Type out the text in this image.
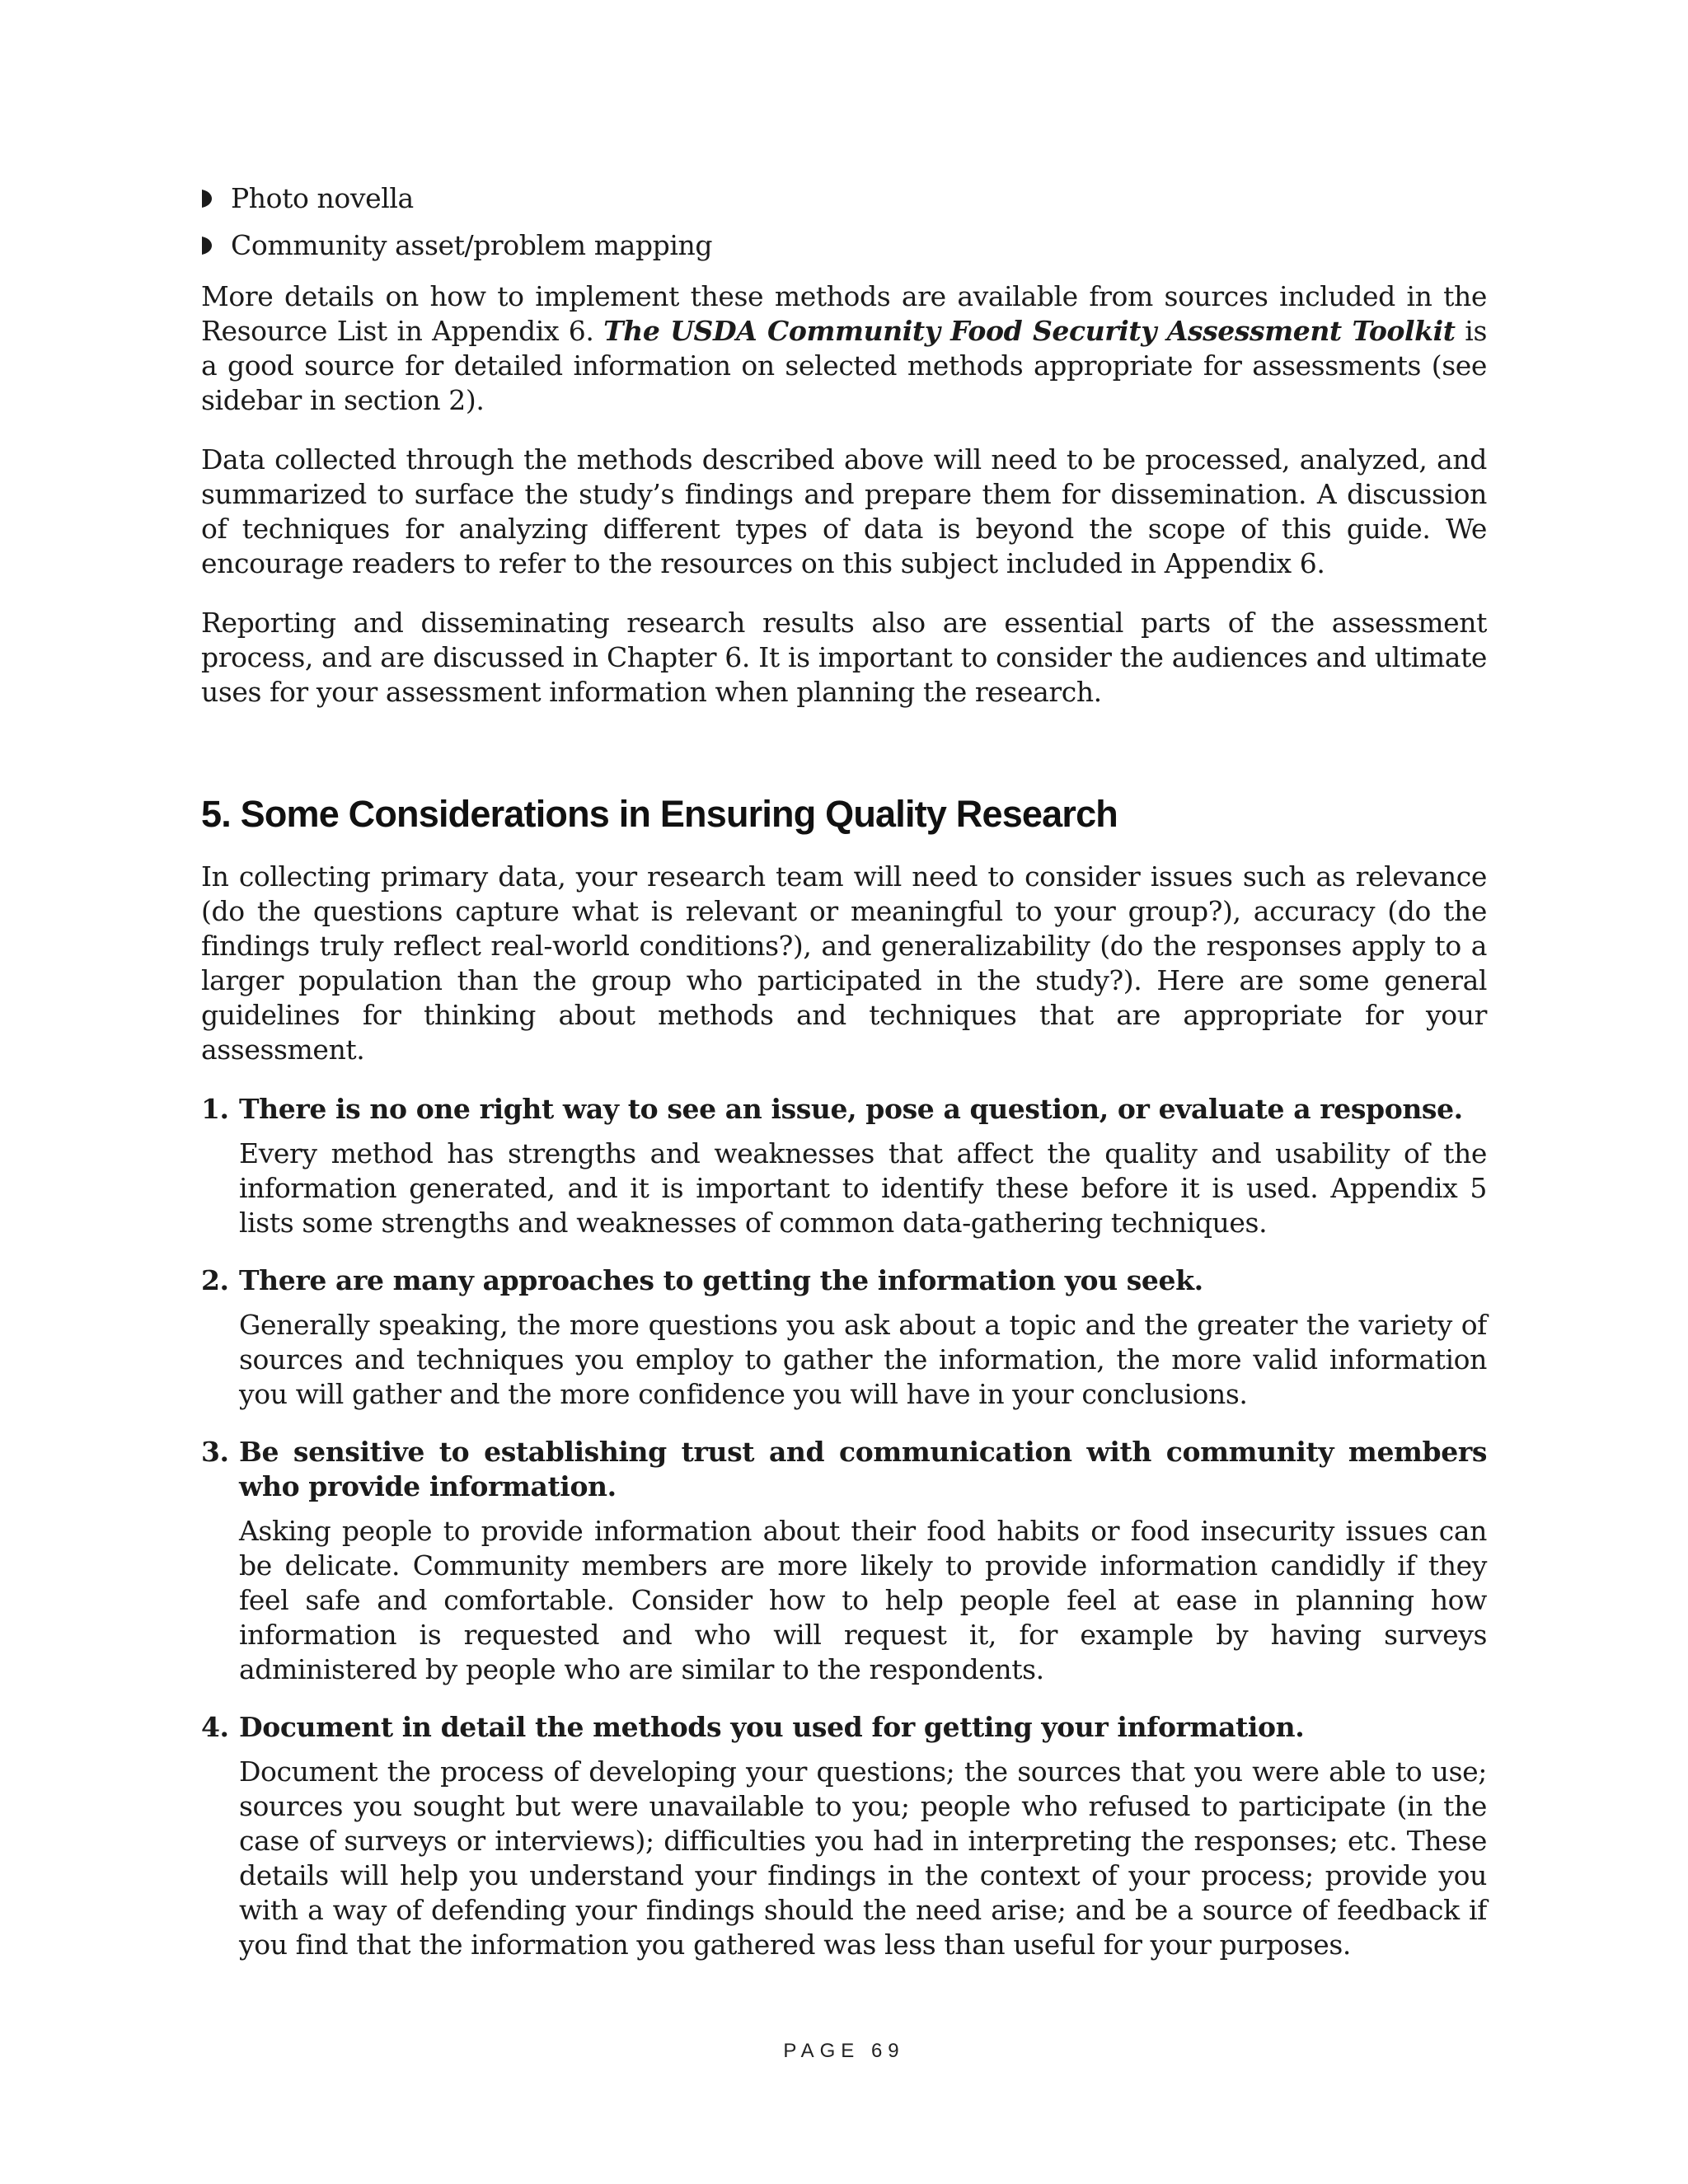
Photo novella
Community asset/problem mapping

More details on how to implement these methods are available from sources included in the Resource List in Appendix 6. The USDA Community Food Security Assessment Toolkit is a good source for detailed information on selected methods appropriate for assessments (see sidebar in section 2).

Data collected through the methods described above will need to be processed, analyzed, and summarized to surface the study’s findings and prepare them for dissemination. A discussion of techniques for analyzing different types of data is beyond the scope of this guide. We encourage readers to refer to the resources on this subject included in Appendix 6.

Reporting and disseminating research results also are essential parts of the assessment process, and are discussed in Chapter 6. It is important to consider the audiences and ultimate uses for your assessment information when planning the research.

5. Some Considerations in Ensuring Quality Research

In collecting primary data, your research team will need to consider issues such as relevance (do the questions capture what is relevant or meaningful to your group?), accuracy (do the findings truly reflect real-world conditions?), and generalizability (do the responses apply to a larger population than the group who participated in the study?). Here are some general guidelines for thinking about methods and techniques that are appropriate for your assessment.

1. There is no one right way to see an issue, pose a question, or evaluate a response.

Every method has strengths and weaknesses that affect the quality and usability of the information generated, and it is important to identify these before it is used. Appendix 5 lists some strengths and weaknesses of common data-gathering techniques.

2. There are many approaches to getting the information you seek.

Generally speaking, the more questions you ask about a topic and the greater the variety of sources and techniques you employ to gather the information, the more valid information you will gather and the more confidence you will have in your conclusions.

3. Be sensitive to establishing trust and communication with community members who provide information.

Asking people to provide information about their food habits or food insecurity issues can be delicate. Community members are more likely to provide information candidly if they feel safe and comfortable. Consider how to help people feel at ease in planning how information is requested and who will request it, for example by having surveys administered by people who are similar to the respondents.

4. Document in detail the methods you used for getting your information.

Document the process of developing your questions; the sources that you were able to use; sources you sought but were unavailable to you; people who refused to participate (in the case of surveys or interviews); difficulties you had in interpreting the responses; etc. These details will help you understand your findings in the context of your process; provide you with a way of defending your findings should the need arise; and be a source of feedback if you find that the information you gathered was less than useful for your purposes.

PAGE 69
